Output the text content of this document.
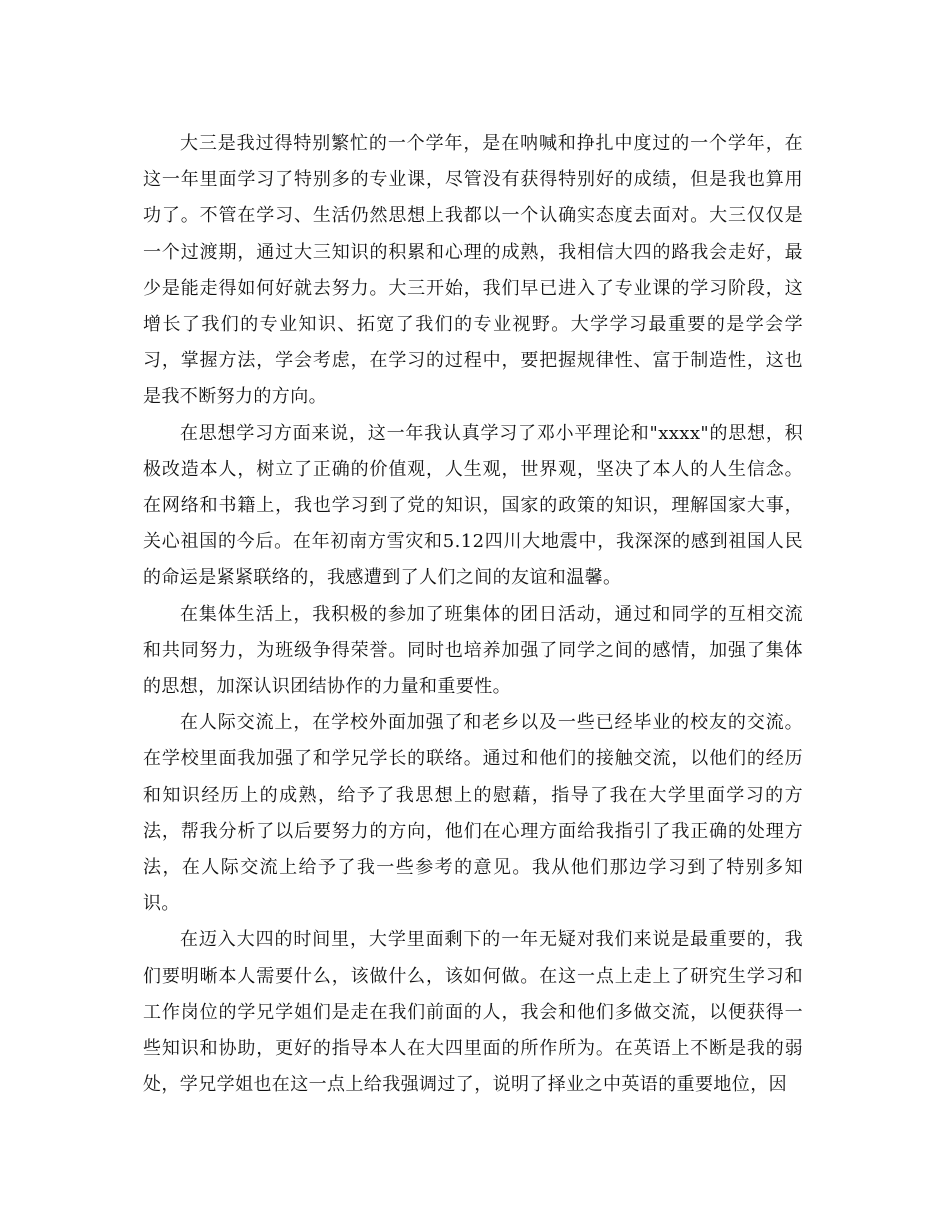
大三是我过得特别繁忙的一个学年，是在呐喊和挣扎中度过的一个学年，在这一年里面学习了特别多的专业课，尽管没有获得特别好的成绩，但是我也算用功了。不管在学习、生活仍然思想上我都以一个认确实态度去面对。大三仅仅是一个过渡期，通过大三知识的积累和心理的成熟，我相信大四的路我会走好，最少是能走得如何好就去努力。大三开始，我们早已进入了专业课的学习阶段，这增长了我们的专业知识、拓宽了我们的专业视野。大学学习最重要的是学会学习，掌握方法，学会考虑，在学习的过程中，要把握规律性、富于制造性，这也是我不断努力的方向。

在思想学习方面来说，这一年我认真学习了邓小平理论和"xxxx"的思想，积极改造本人，树立了正确的价值观，人生观，世界观，坚决了本人的人生信念。在网络和书籍上，我也学习到了党的知识，国家的政策的知识，理解国家大事，关心祖国的今后。在年初南方雪灾和5.12四川大地震中，我深深的感到祖国人民的命运是紧紧联络的，我感遭到了人们之间的友谊和温馨。

在集体生活上，我积极的参加了班集体的团日活动，通过和同学的互相交流和共同努力，为班级争得荣誉。同时也培养加强了同学之间的感情，加强了集体的思想，加深认识团结协作的力量和重要性。

在人际交流上，在学校外面加强了和老乡以及一些已经毕业的校友的交流。在学校里面我加强了和学兄学长的联络。通过和他们的接触交流，以他们的经历和知识经历上的成熟，给予了我思想上的慰藉，指导了我在大学里面学习的方法，帮我分析了以后要努力的方向，他们在心理方面给我指引了我正确的处理方法，在人际交流上给予了我一些参考的意见。我从他们那边学习到了特别多知识。

在迈入大四的时间里，大学里面剩下的一年无疑对我们来说是最重要的，我们要明晰本人需要什么，该做什么，该如何做。在这一点上走上了研究生学习和工作岗位的学兄学姐们是走在我们前面的人，我会和他们多做交流，以便获得一些知识和协助，更好的指导本人在大四里面的所作所为。在英语上不断是我的弱处，学兄学姐也在这一点上给我强调过了，说明了择业之中英语的重要地位，因
